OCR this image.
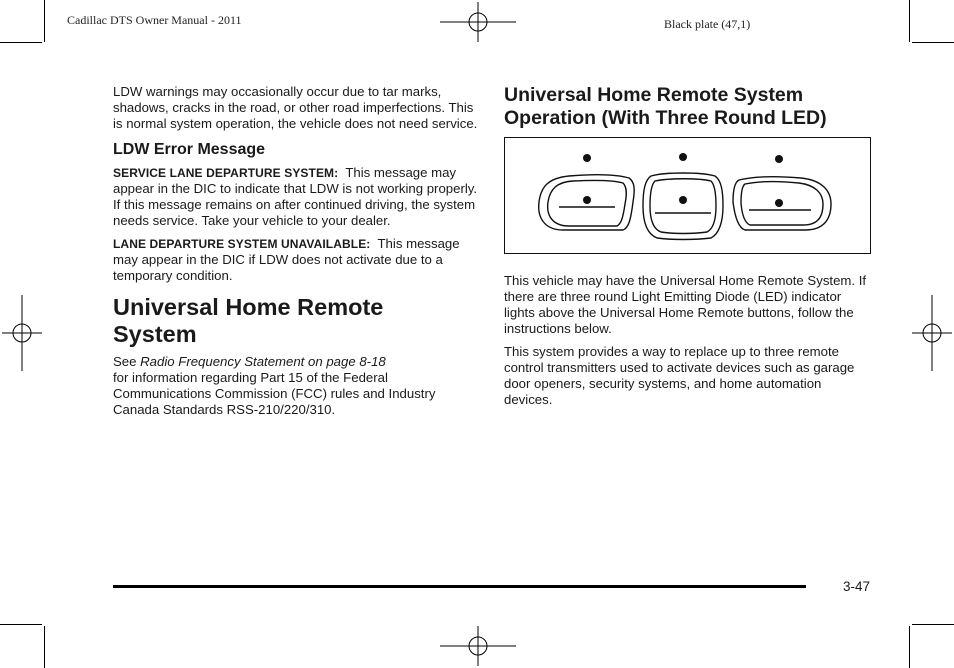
Cadillac DTS Owner Manual - 2011	Black plate (47,1)

LDW warnings may occasionally occur due to tar marks, shadows, cracks in the road, or other road imperfections. This is normal system operation, the vehicle does not need service.

LDW Error Message

SERVICE LANE DEPARTURE SYSTEM: This message may appear in the DIC to indicate that LDW is not working properly. If this message remains on after continued driving, the system needs service. Take your vehicle to your dealer.

LANE DEPARTURE SYSTEM UNAVAILABLE: This message may appear in the DIC if LDW does not activate due to a temporary condition.

Universal Home Remote
System

See Radio Frequency Statement on page 8-18
for information regarding Part 15 of the Federal Communications Commission (FCC) rules and Industry Canada Standards RSS-210/220/310.

Universal Home Remote System
Operation (With Three Round LED)

This vehicle may have the Universal Home Remote System. If there are three round Light Emitting Diode (LED) indicator lights above the Universal Home Remote buttons, follow the instructions below.

This system provides a way to replace up to three remote control transmitters used to activate devices such as garage door openers, security systems, and home automation devices.

3-47
